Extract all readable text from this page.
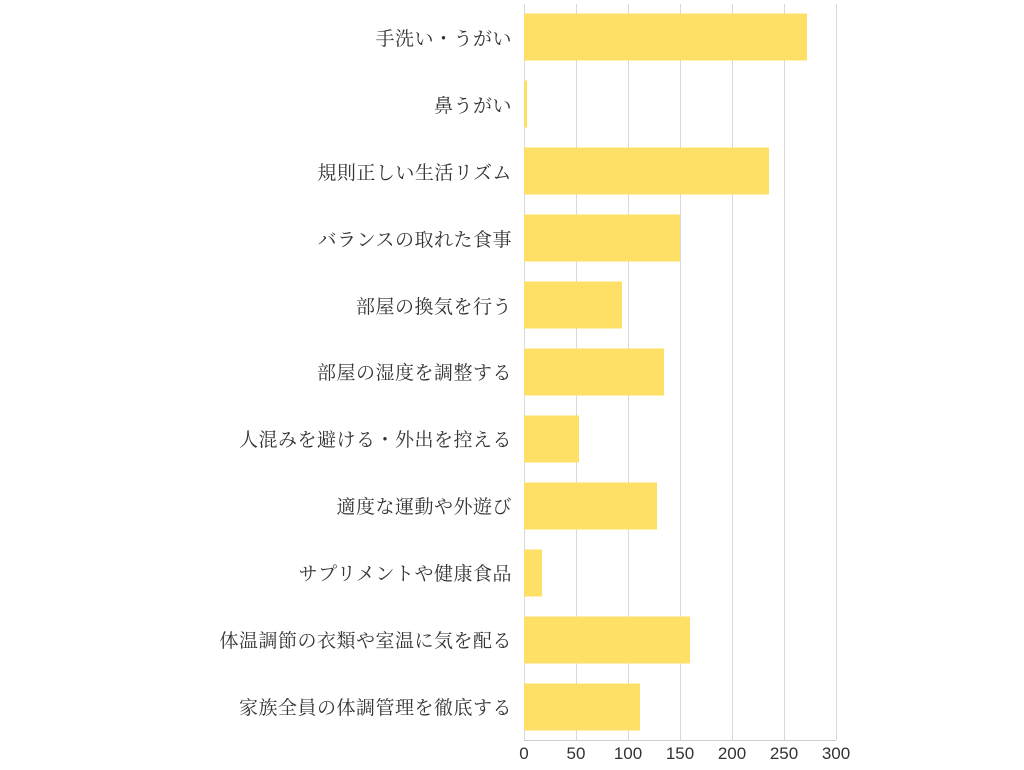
手洗い・うがい
鼻うがい
規則正しい生活リズム
バランスの取れた食事
部屋の換気を行う
部屋の湿度を調整する
人混みを避ける・外出を控える
適度な運動や外遊び
サプリメントや健康食品
体温調節の衣類や室温に気を配る
家族全員の体調管理を徹底する
0 50 100 150 200 250 300
